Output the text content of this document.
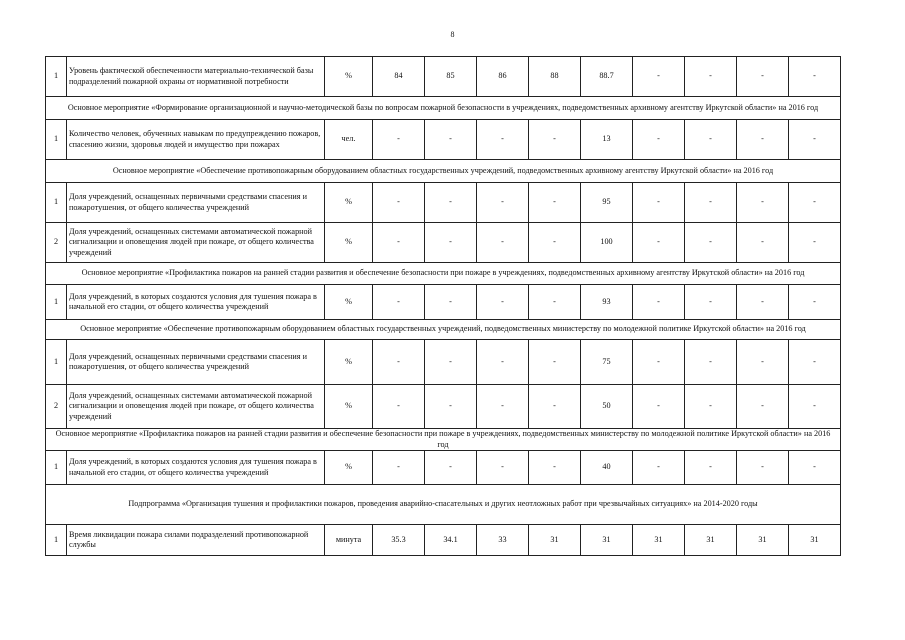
8
1	Уровень фактической обеспеченности материально-технической базы подразделений пожарной охраны от нормативной потребности	%	84	85	86	88	88.7	-	-	-	-
Основное мероприятие «Формирование организационной и научно-методической базы по вопросам пожарной безопасности в учреждениях, подведомственных архивному агентству Иркутской области» на 2016 год											
1	Количество человек, обученных навыкам по предупреждению пожаров, спасению жизни, здоровья людей и имущество при пожарах	чел.	-	-	-	-	13	-	-	-	-
Основное мероприятие «Обеспечение противопожарным оборудованием областных государственных учреждений, подведомственных архивному агентству Иркутской области» на 2016 год											
1	Доля учреждений, оснащенных первичными средствами спасения и пожаротушения, от общего количества учреждений	%	-	-	-	-	95	-	-	-	-
2	Доля учреждений, оснащенных системами автоматической пожарной сигнализации и оповещения людей при пожаре, от общего количества учреждений	%	-	-	-	-	100	-	-	-	-
Основное мероприятие «Профилактика пожаров на ранней стадии развития и обеспечение безопасности при пожаре в учреждениях, подведомственных архивному агентству Иркутской области» на 2016 год											
1	Доля учреждений, в которых создаются условия для тушения пожара в начальной его стадии, от общего количества учреждений	%	-	-	-	-	93	-	-	-	-
Основное мероприятие «Обеспечение противопожарным оборудованием областных государственных учреждений, подведомственных министерству по молодежной политике Иркутской области» на 2016 год											
1	Доля учреждений, оснащенных первичными средствами спасения и пожаротушения, от общего количества учреждений	%	-	-	-	-	75	-	-	-	-
2	Доля учреждений, оснащенных системами автоматической пожарной сигнализации и оповещения людей при пожаре, от общего количества учреждений	%	-	-	-	-	50	-	-	-	-
Основное мероприятие «Профилактика пожаров на ранней стадии развития и обеспечение безопасности при пожаре в учреждениях, подведомственных министерству по молодежной политике Иркутской области» на 2016 год											
1	Доля учреждений, в которых создаются условия для тушения пожара в начальной его стадии, от общего количества учреждений	%	-	-	-	-	40	-	-	-	-
Подпрограмма «Организация тушения и профилактики пожаров, проведения аварийно-спасательных и других неотложных работ при чрезвычайных ситуациях» на 2014-2020 годы											
1	Время ликвидации пожара силами подразделений противопожарной службы	минута	35.3	34.1	33	31	31	31	31	31	31
